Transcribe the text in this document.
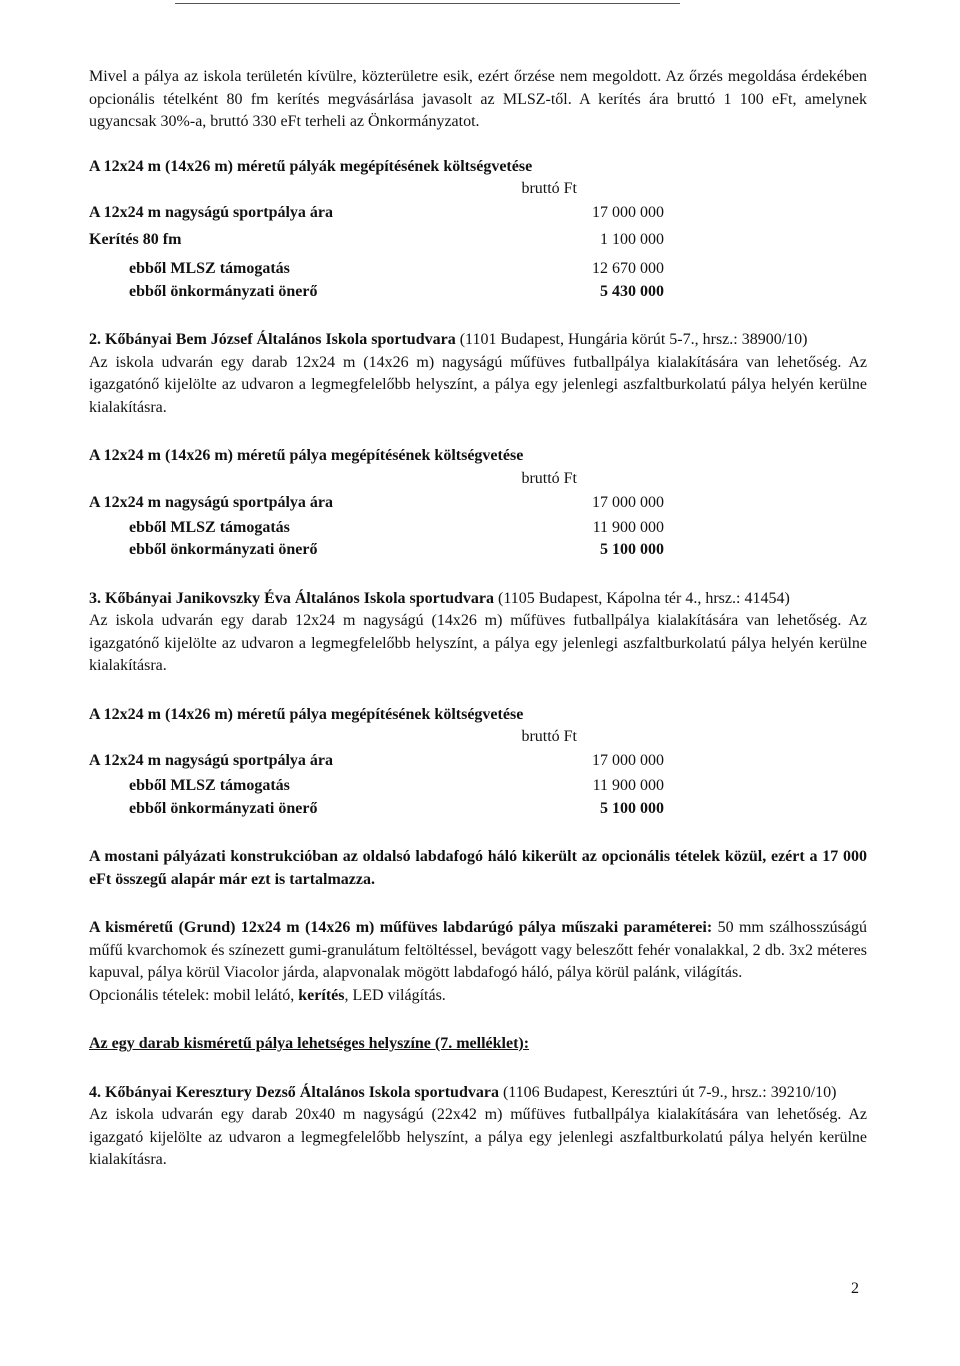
Mivel a pálya az iskola területén kívülre, közterületre esik, ezért őrzése nem megoldott. Az őrzés megoldása érdekében opcionális tételként 80 fm kerítés megvásárlása javasolt az MLSZ-től. A kerítés ára bruttó 1 100 eFt, amelynek ugyancsak 30%-a, bruttó 330 eFt terheli az Önkormányzatot.

A 12x24 m (14x26 m) méretű pályák megépítésének költségvetése
bruttó Ft
A 12x24 m nagyságú sportpálya ára	17 000 000
Kerítés 80 fm	1 100 000
ebből MLSZ támogatás	12 670 000
ebből önkormányzati önerő	5 430 000

2. Kőbányai Bem József Általános Iskola sportudvara (1101 Budapest, Hungária körút 5-7., hrsz.: 38900/10)

Az iskola udvarán egy darab 12x24 m (14x26 m) nagyságú műfüves futballpálya kialakítására van lehetőség. Az igazgatónő kijelölte az udvaron a legmegfelelőbb helyszínt, a pálya egy jelenlegi aszfaltburkolatú pálya helyén kerülne kialakításra.

A 12x24 m (14x26 m) méretű pálya megépítésének költségvetése
bruttó Ft
A 12x24 m nagyságú sportpálya ára	17 000 000
ebből MLSZ támogatás	11 900 000
ebből önkormányzati önerő	5 100 000

3. Kőbányai Janikovszky Éva Általános Iskola sportudvara (1105 Budapest, Kápolna tér 4., hrsz.: 41454)

Az iskola udvarán egy darab 12x24 m nagyságú (14x26 m) műfüves futballpálya kialakítására van lehetőség. Az igazgatónő kijelölte az udvaron a legmegfelelőbb helyszínt, a pálya egy jelenlegi aszfaltburkolatú pálya helyén kerülne kialakításra.

A 12x24 m (14x26 m) méretű pálya megépítésének költségvetése
bruttó Ft
A 12x24 m nagyságú sportpálya ára	17 000 000
ebből MLSZ támogatás	11 900 000
ebből önkormányzati önerő	5 100 000

A mostani pályázati konstrukcióban az oldalsó labdafogó háló kikerült az opcionális tételek közül, ezért a 17 000 eFt összegű alapár már ezt is tartalmazza.

A kisméretű (Grund) 12x24 m (14x26 m) műfüves labdarúgó pálya műszaki paraméterei: 50 mm szálhosszúságú műfű kvarchomok és színezett gumi-granulátum feltöltéssel, bevágott vagy beleszőtt fehér vonalakkal, 2 db. 3x2 méteres kapuval, pálya körül Viacolor járda, alapvonalak mögött labdafogó háló, pálya körül palánk, világítás.

Opcionális tételek: mobil lelátó, kerítés, LED világítás.

Az egy darab kisméretű pálya lehetséges helyszíne (7. melléklet):

4. Kőbányai Keresztury Dezső Általános Iskola sportudvara (1106 Budapest, Keresztúri út 7-9., hrsz.: 39210/10)

Az iskola udvarán egy darab 20x40 m nagyságú (22x42 m) műfüves futballpálya kialakítására van lehetőség. Az igazgató kijelölte az udvaron a legmegfelelőbb helyszínt, a pálya egy jelenlegi aszfaltburkolatú pálya helyén kerülne kialakításra.

2
